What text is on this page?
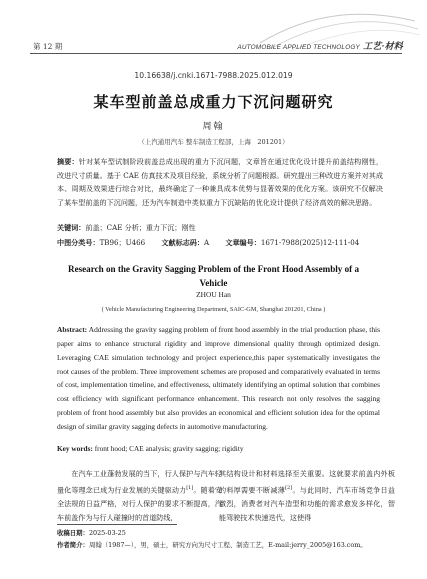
第 12 期	AUTOMOBILE APPLIED TECHNOLOGY 工艺·材料
10.16638/j.cnki.1671-7988.2025.012.019
某车型前盖总成重力下沉问题研究
周翰
（上汽通用汽车 整车制造工程部，上海　201201）
摘要：针对某车型试制阶段前盖总成出现的重力下沉问题，文章旨在通过优化设计提升前盖结构刚性，改进尺寸质量。基于 CAE 仿真技术及项目经验，系统分析了问题根源。研究提出三种改进方案并对其成本、周期及效果进行综合对比，最终确定了一种兼具成本优势与显著效果的优化方案。该研究不仅解决了某车型前盖的下沉问题，还为汽车制造中类似重力下沉缺陷的优化设计提供了经济高效的解决思路。
关键词：前盖；CAE 分析；重力下沉；刚性
中图分类号：TB96；U466 文献标志码：A 文章编号：1671-7988(2025)12-111-04
Research on the Gravity Sagging Problem of the Front Hood Assembly of a Vehicle
ZHOU Han
( Vehicle Manufacturing Engineering Department, SAIC-GM, Shanghai 201201, China )
Abstract: Addressing the gravity sagging problem of front hood assembly in the trial production phase, this paper aims to enhance structural rigidity and improve dimensional quality through optimized design. Leveraging CAE simulation technology and project experience,this paper systematically investigates the root causes of the problem. Three improvement schemes are proposed and comparatively evaluated in terms of cost, implementation timeline, and effectiveness, ultimately identifying an optimal solution that combines cost efficiency with significant performance enhancement. This research not only resolves the sagging problem of front hood assembly but also provides an economical and efficient solution idea for the optimal design of similar gravity sagging defects in automotive manufacturing.
Key words: front hood; CAE analysis; gravity sagging; rigidity

在汽车工业蓬勃发展的当下，行人保护与汽车轻量化等理念已成为行业发展的关键驱动力[1]。随着安全法规的日益严格，对行人保护的要求不断提高，汽车前盖作为与行人碰撞时的首道防线，

其结构设计和材料选择至关重要。这就要求前盖内外板的料厚需要不断减薄[2]。与此同时，汽车市场竞争日益激烈，消费者对汽车造型和功能的需求愈发多样化，智能驾驶技术快速迭代，这使得

收稿日期：2025-03-25
作者简介：周翰（1987—），男，硕士，研究方向为尺寸工程、制造工艺，E-mail:jerry_2005@163.com。
